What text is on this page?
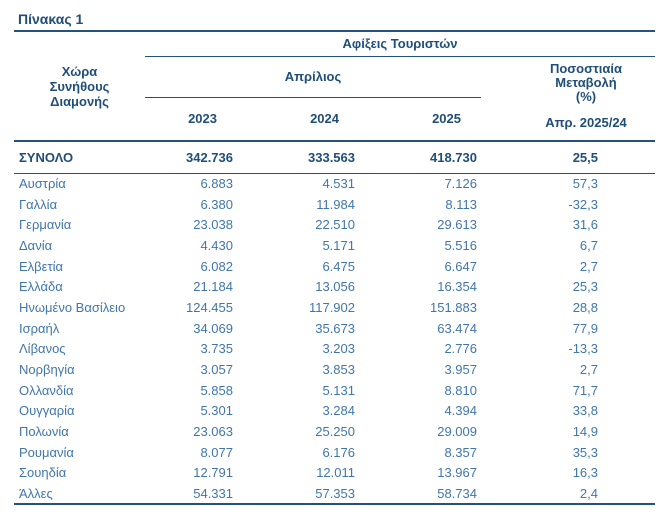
Πίνακας 1
Χώρα
Συνήθους
Διαμονής	Αφίξεις Τουριστών			
	Απρίλιος			Ποσοστιαία
Μεταβολή
(%)
Απρ. 2025/24

	2023	2024	2025	
ΣΥΝΟΛΟ	342.736	333.563	418.730	25,5
Αυστρία	6.883	4.531	7.126	57,3
Γαλλία	6.380	11.984	8.113	-32,3
Γερμανία	23.038	22.510	29.613	31,6
Δανία	4.430	5.171	5.516	6,7
Ελβετία	6.082	6.475	6.647	2,7
Ελλάδα	21.184	13.056	16.354	25,3
Ηνωμένο Βασίλειο	124.455	117.902	151.883	28,8
Ισραήλ	34.069	35.673	63.474	77,9
Λίβανος	3.735	3.203	2.776	-13,3
Νορβηγία	3.057	3.853	3.957	2,7
Ολλανδία	5.858	5.131	8.810	71,7
Ουγγαρία	5.301	3.284	4.394	33,8
Πολωνία	23.063	25.250	29.009	14,9
Ρουμανία	8.077	6.176	8.357	35,3
Σουηδία	12.791	12.011	13.967	16,3
Άλλες	54.331	57.353	58.734	2,4
